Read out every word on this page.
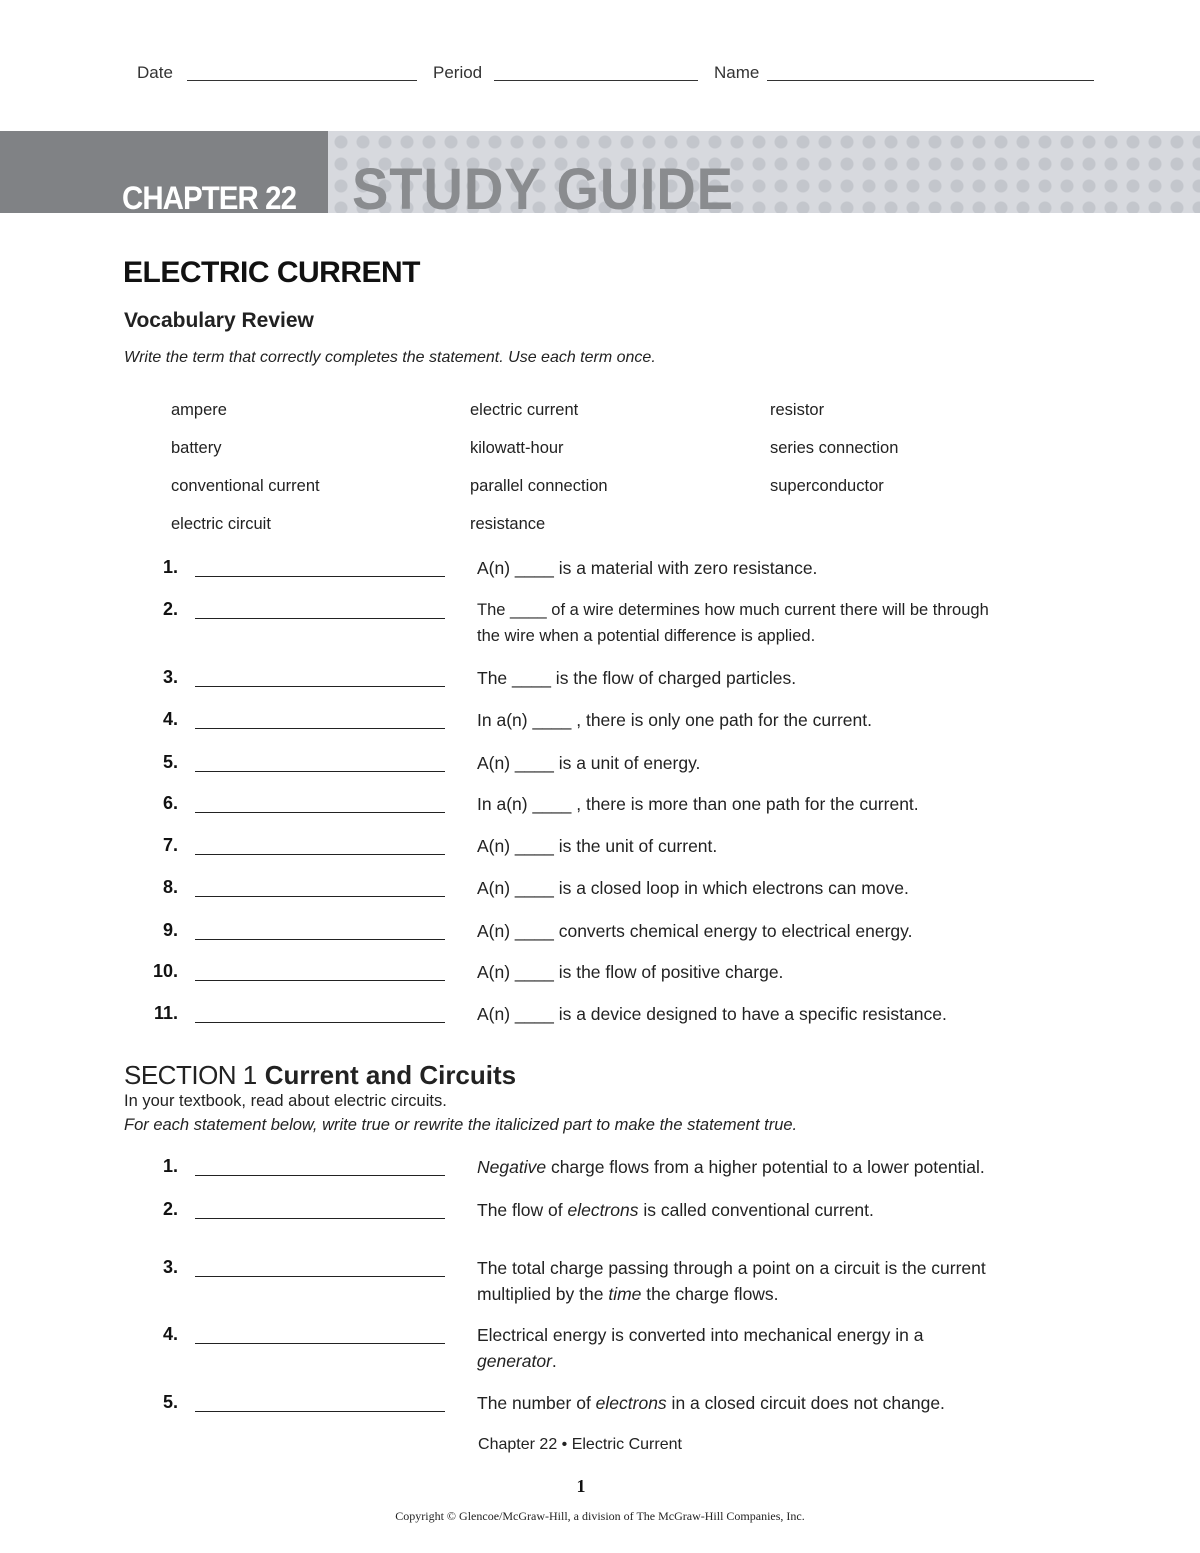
Date	Period	Name
CHAPTER 22 STUDY GUIDE
ELECTRIC CURRENT
Vocabulary Review
Write the term that correctly completes the statement. Use each term once.
ampere	electric current	resistor
battery	kilowatt-hour	series connection
conventional current	parallel connection	superconductor
electric circuit	resistance
1.	A(n) ____ is a material with zero resistance.
2.	The ____ of a wire determines how much current there will be through the wire when a potential difference is applied.
3.	The ____ is the flow of charged particles.
4.	In a(n) ____ , there is only one path for the current.
5.	A(n) ____ is a unit of energy.
6.	In a(n) ____ , there is more than one path for the current.
7.	A(n) ____ is the unit of current.
8.	A(n) ____ is a closed loop in which electrons can move.
9.	A(n) ____ converts chemical energy to electrical energy.
10.	A(n) ____ is the flow of positive charge.
11.	A(n) ____ is a device designed to have a specific resistance.
SECTION 1 Current and Circuits
In your textbook, read about electric circuits.
For each statement below, write true or rewrite the italicized part to make the statement true.
1.	Negative charge flows from a higher potential to a lower potential.
2.	The flow of electrons is called conventional current.
3.	The total charge passing through a point on a circuit is the current multiplied by the time the charge flows.
4.	Electrical energy is converted into mechanical energy in a generator.
5.	The number of electrons in a closed circuit does not change.
Chapter 22 • Electric Current
1
Copyright © Glencoe/McGraw-Hill, a division of The McGraw-Hill Companies, Inc.
